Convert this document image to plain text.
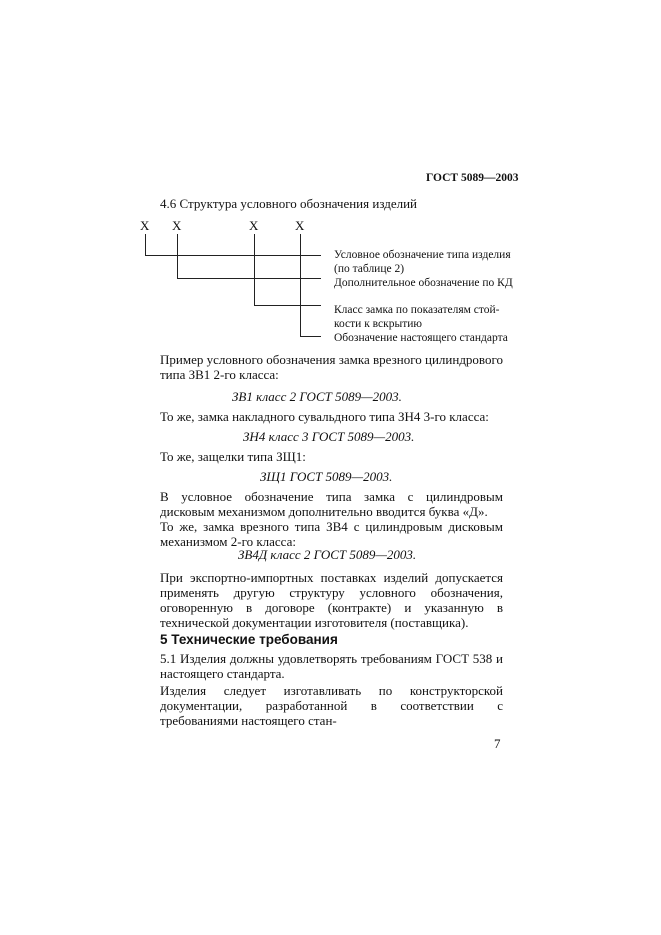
ГОСТ 5089—2003
4.6 Структура условного обозначения изделий
X X	X	X
Условное обозначение типа изделия
(по таблице 2)
Дополнительное обозначение по КД
Класс замка по показателям стой-
кости к вскрытию
Обозначение настоящего стандарта
Пример условного обозначения замка врезного цилиндрового типа ЗВ1 2-го класса:
ЗВ1 класс 2 ГОСТ 5089—2003.
То же, замка накладного сувальдного типа ЗН4 3-го класса:
ЗН4 класс 3 ГОСТ 5089—2003.
То же, защелки типа ЗЩ1:
ЗЩ1 ГОСТ 5089—2003.
В условное обозначение типа замка с цилиндровым дисковым механизмом дополнительно вводится буква «Д».
То же, замка врезного типа ЗВ4 с цилиндровым дисковым механизмом 2-го класса:
ЗВ4Д класс 2 ГОСТ 5089—2003.
При экспортно-импортных поставках изделий допускается применять другую структуру условного обозначения, оговоренную в договоре (контракте) и указанную в технической документации изготовителя (поставщика).
5 Технические требования
5.1 Изделия должны удовлетворять требованиям ГОСТ 538 и настоящего стандарта.
Изделия следует изготавливать по конструкторской документации, разработанной в соответствии с требованиями настоящего стан-
7
